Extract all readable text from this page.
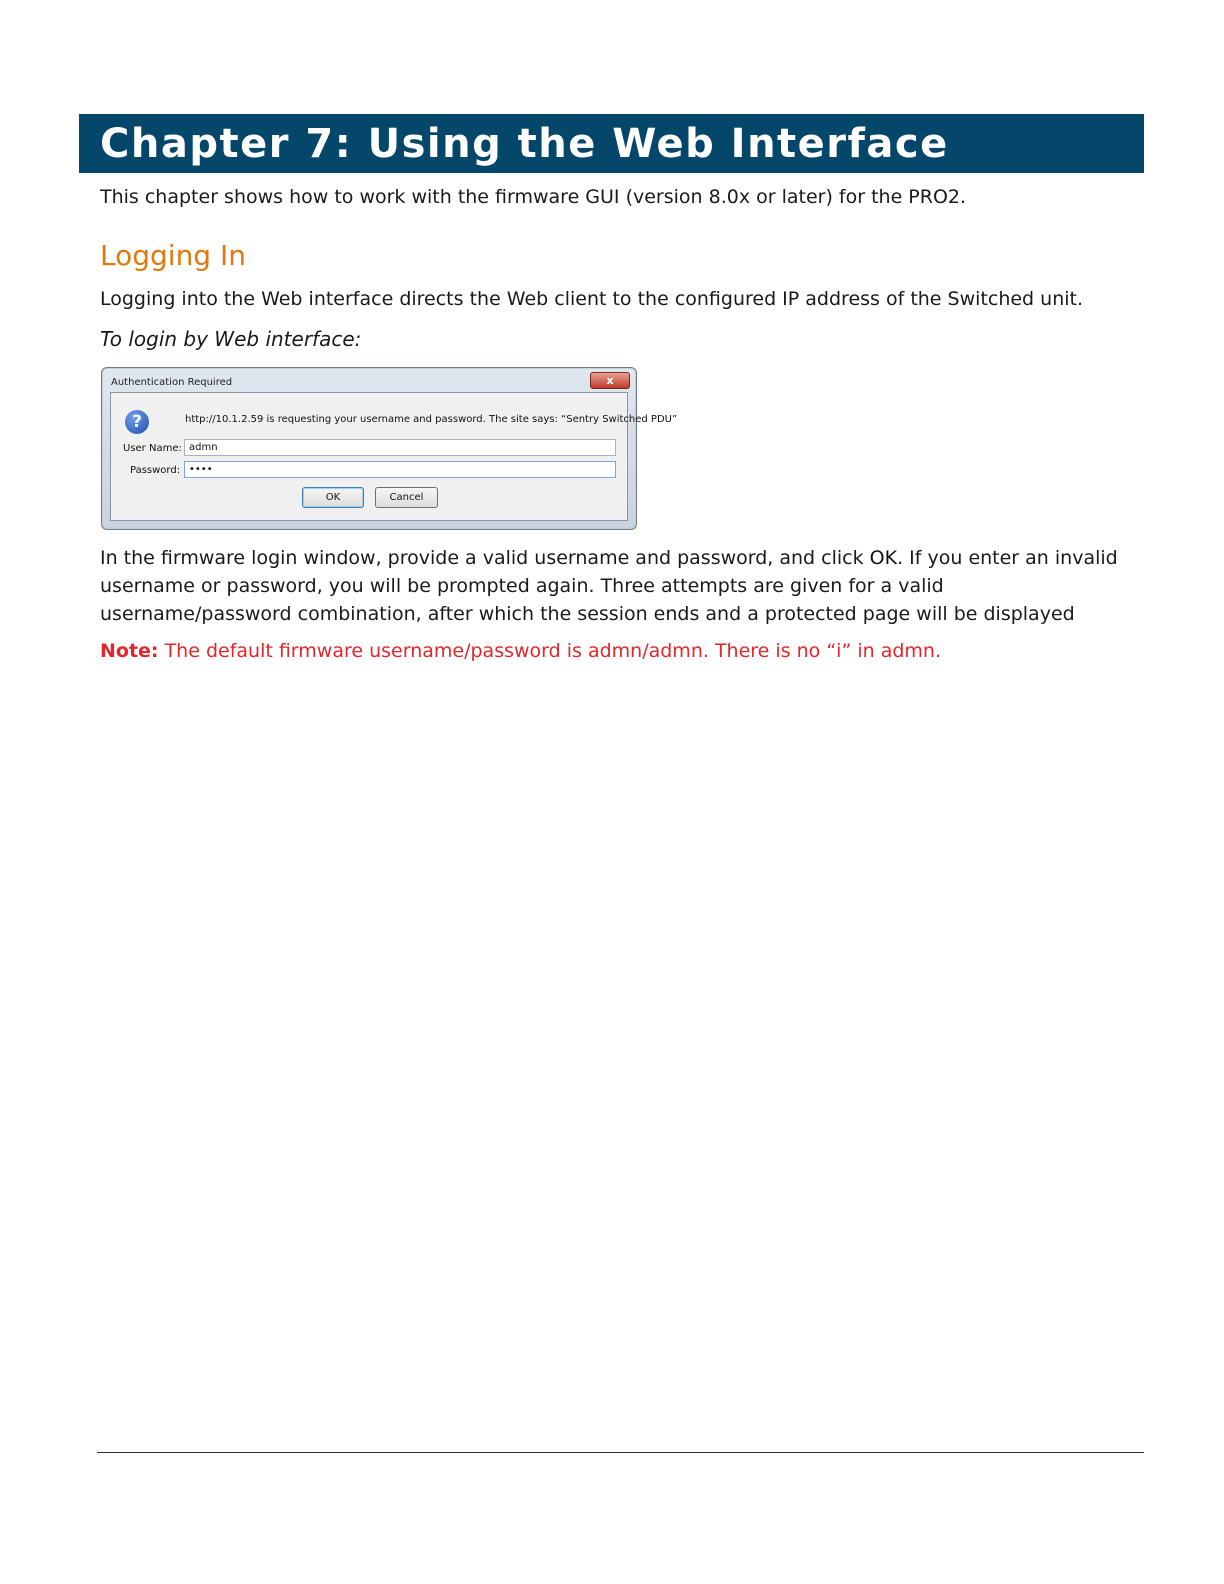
Chapter 7: Using the Web Interface

This chapter shows how to work with the firmware GUI (version 8.0x or later) for the PRO2.

Logging In

Logging into the Web interface directs the Web client to the configured IP address of the Switched unit.

To login by Web interface:

Authentication Required	x
?	http://10.1.2.59 is requesting your username and password. The site says: “Sentry Switched PDU”
User Name:
admn
Password:
OK	Cancel

In the firmware login window, provide a valid username and password, and click OK. If you enter an invalid username or password, you will be prompted again. Three attempts are given for a valid username/password combination, after which the session ends and a protected page will be displayed

Note: The default firmware username/password is admn/admn. There is no “i” in admn.
